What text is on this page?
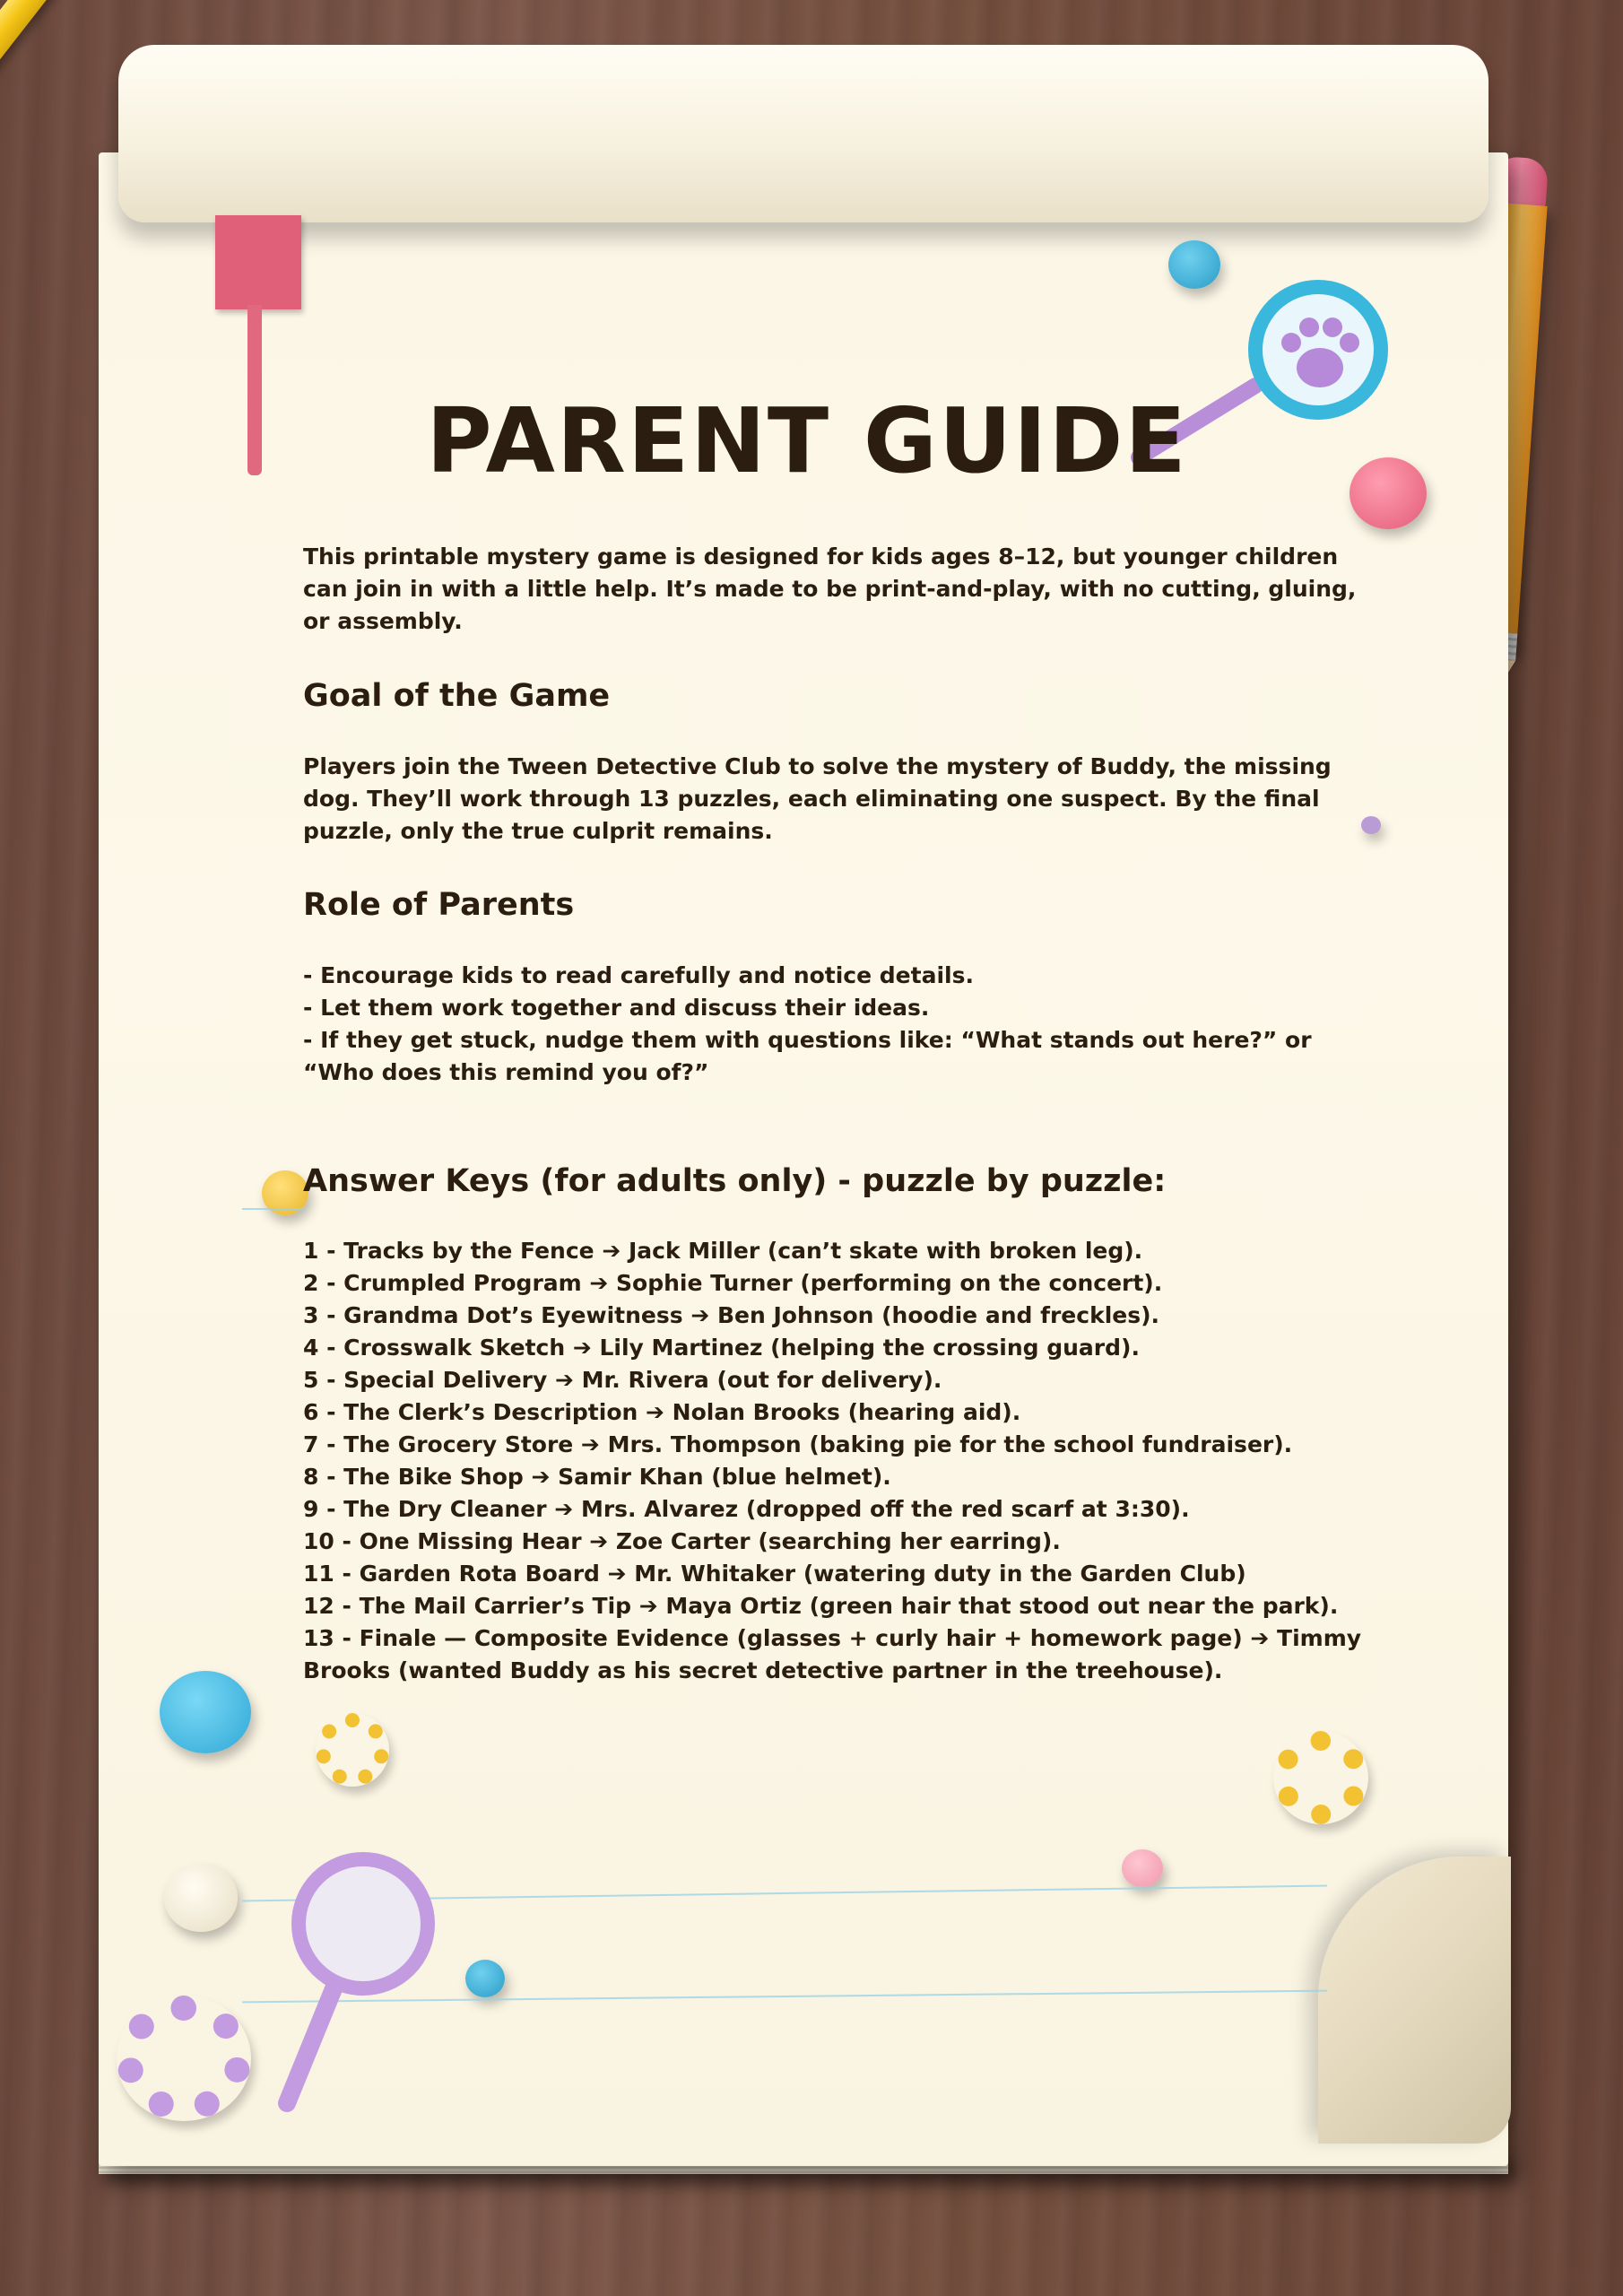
PARENT GUIDE

This printable mystery game is designed for kids ages 8–12, but younger children can join in with a little help. It’s made to be print-and-play, with no cutting, gluing, or assembly.

Goal of the Game

Players join the Tween Detective Club to solve the mystery of Buddy, the missing dog. They’ll work through 13 puzzles, each eliminating one suspect. By the final puzzle, only the true culprit remains.

Role of Parents
- Encourage kids to read carefully and notice details.
- Let them work together and discuss their ideas.
- If they get stuck, nudge them with questions like: “What stands out here?” or “Who does this remind you of?”
Answer Keys (for adults only) - puzzle by puzzle:
1 - Tracks by the Fence ➔ Jack Miller (can’t skate with broken leg).
2 - Crumpled Program ➔ Sophie Turner (performing on the concert).
3 - Grandma Dot’s Eyewitness ➔ Ben Johnson (hoodie and freckles).
4 - Crosswalk Sketch ➔ Lily Martinez (helping the crossing guard).
5 - Special Delivery ➔ Mr. Rivera (out for delivery).
6 - The Clerk’s Description ➔ Nolan Brooks (hearing aid).
7 - The Grocery Store ➔ Mrs. Thompson (baking pie for the school fundraiser).
8 - The Bike Shop ➔ Samir Khan (blue helmet).
9 - The Dry Cleaner ➔ Mrs. Alvarez (dropped off the red scarf at 3:30).
10 - One Missing Hear ➔ Zoe Carter (searching her earring).
11 - Garden Rota Board ➔ Mr. Whitaker (watering duty in the Garden Club)
12 - The Mail Carrier’s Tip ➔ Maya Ortiz (green hair that stood out near the park).
13 - Finale — Composite Evidence (glasses + curly hair + homework page) ➔ Timmy Brooks (wanted Buddy as his secret detective partner in the treehouse).
